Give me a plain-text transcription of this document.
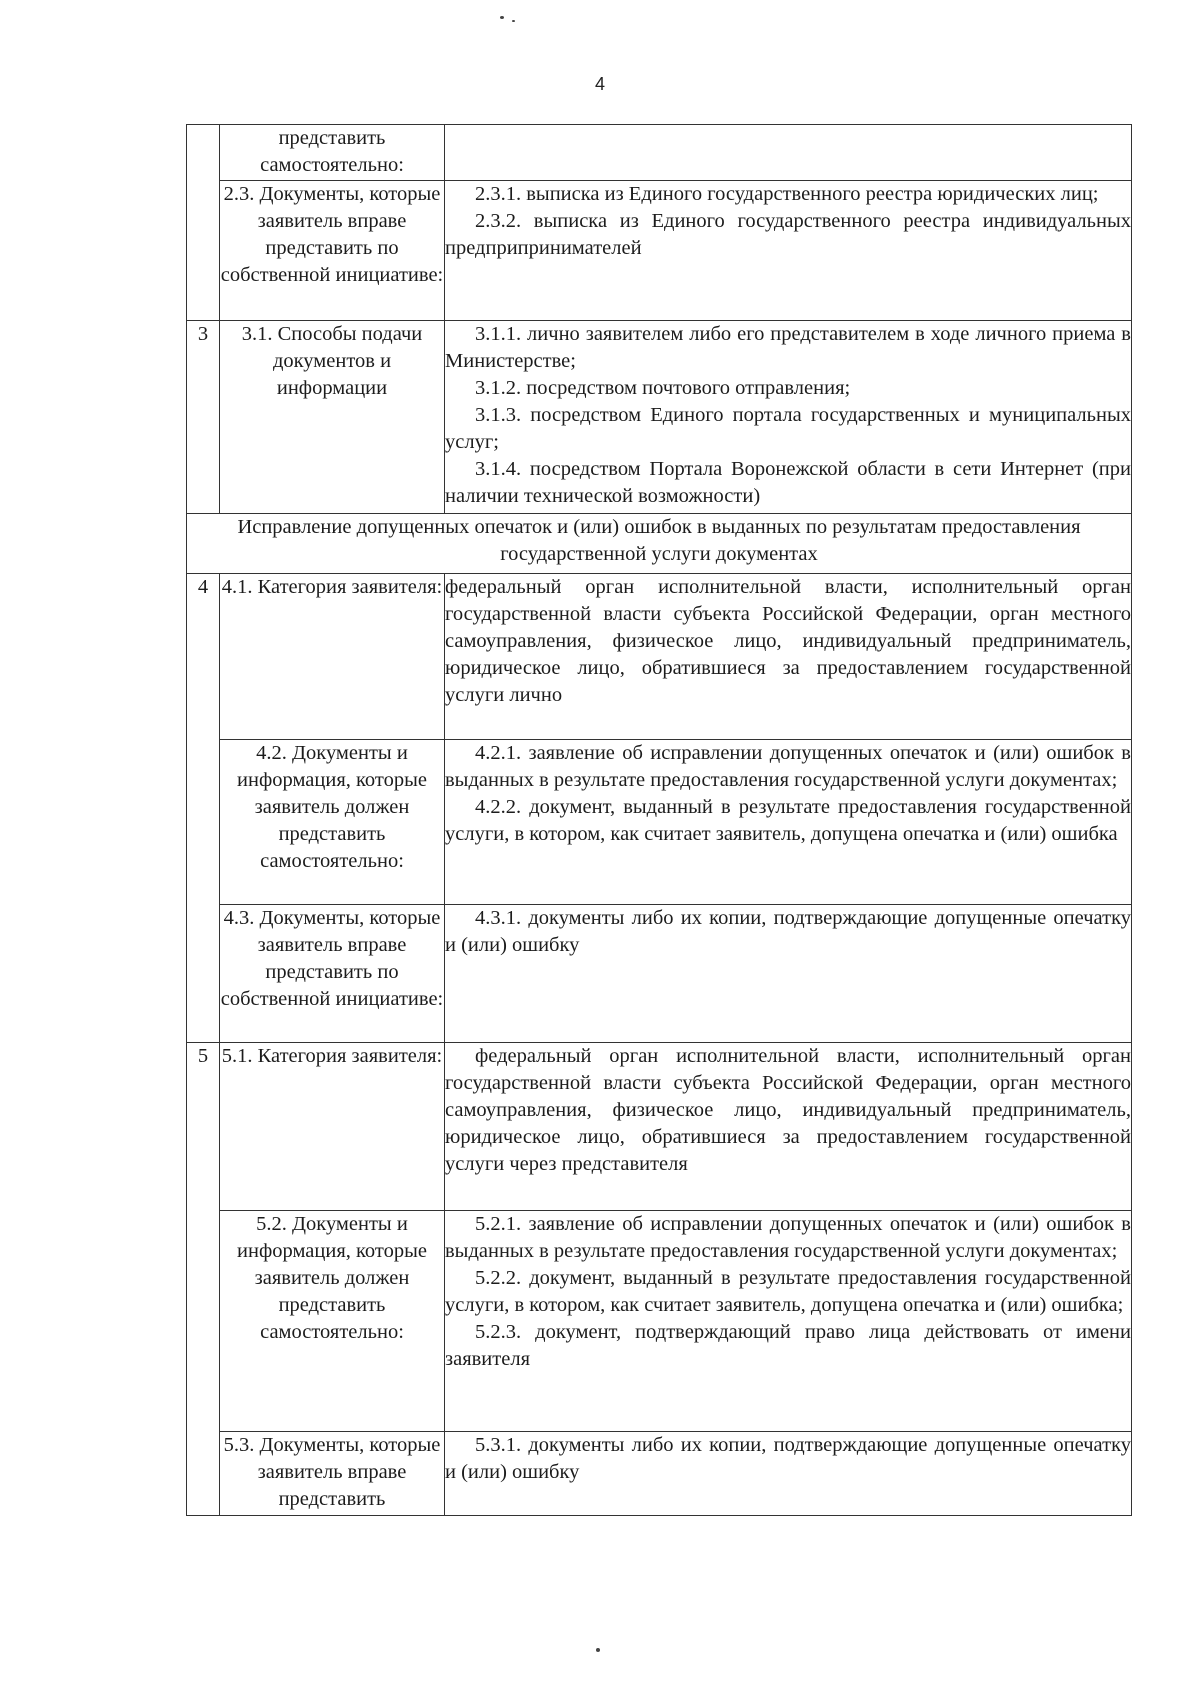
4
	представить самостоятельно:	
	2.3. Документы, которые заявитель вправе представить по собственной инициативе:	2.3.1. выписка из Единого государственного реестра юридических лиц;
2.3.2. выписка из Единого государственного реестра индивидуальных предприпринимателей

3	3.1. Способы подачи документов и информации	3.1.1. лично заявителем либо его представителем в ходе личного приема в Министерстве;
3.1.2. посредством почтового отправления;
3.1.3. посредством Единого портала государственных и муниципальных услуг;
3.1.4. посредством Портала Воронежской области в сети Интернет (при наличии технической возможности)

Исправление допущенных опечаток и (или) ошибок в выданных по результатам предоставления государственной услуги документах		
4	4.1. Категория заявителя:	федеральный орган исполнительной власти, исполнительный орган государственной власти субъекта Российской Федерации, орган местного самоуправления, физическое лицо, индивидуальный предприниматель, юридическое лицо, обратившиеся за предоставлением государственной услуги лично

	4.2. Документы и информация, которые заявитель должен представить самостоятельно:	4.2.1. заявление об исправлении допущенных опечаток и (или) ошибок в выданных в результате предоставления государственной услуги документах;
4.2.2. документ, выданный в результате предоставления государственной услуги, в котором, как считает заявитель, допущена опечатка и (или) ошибка

	4.3. Документы, которые заявитель вправе представить по собственной инициативе:	4.3.1. документы либо их копии, подтверждающие допущенные опечатку и (или) ошибку

5	5.1. Категория заявителя:	федеральный орган исполнительной власти, исполнительный орган государственной власти субъекта Российской Федерации, орган местного самоуправления, физическое лицо, индивидуальный предприниматель, юридическое лицо, обратившиеся за предоставлением государственной услуги через представителя

	5.2. Документы и информация, которые заявитель должен представить самостоятельно:	5.2.1. заявление об исправлении допущенных опечаток и (или) ошибок в выданных в результате предоставления государственной услуги документах;
5.2.2. документ, выданный в результате предоставления государственной услуги, в котором, как считает заявитель, допущена опечатка и (или) ошибка;
5.2.3. документ, подтверждающий право лица действовать от имени заявителя

	5.3. Документы, которые заявитель вправе представить	5.3.1. документы либо их копии, подтверждающие допущенные опечатку и (или) ошибку
